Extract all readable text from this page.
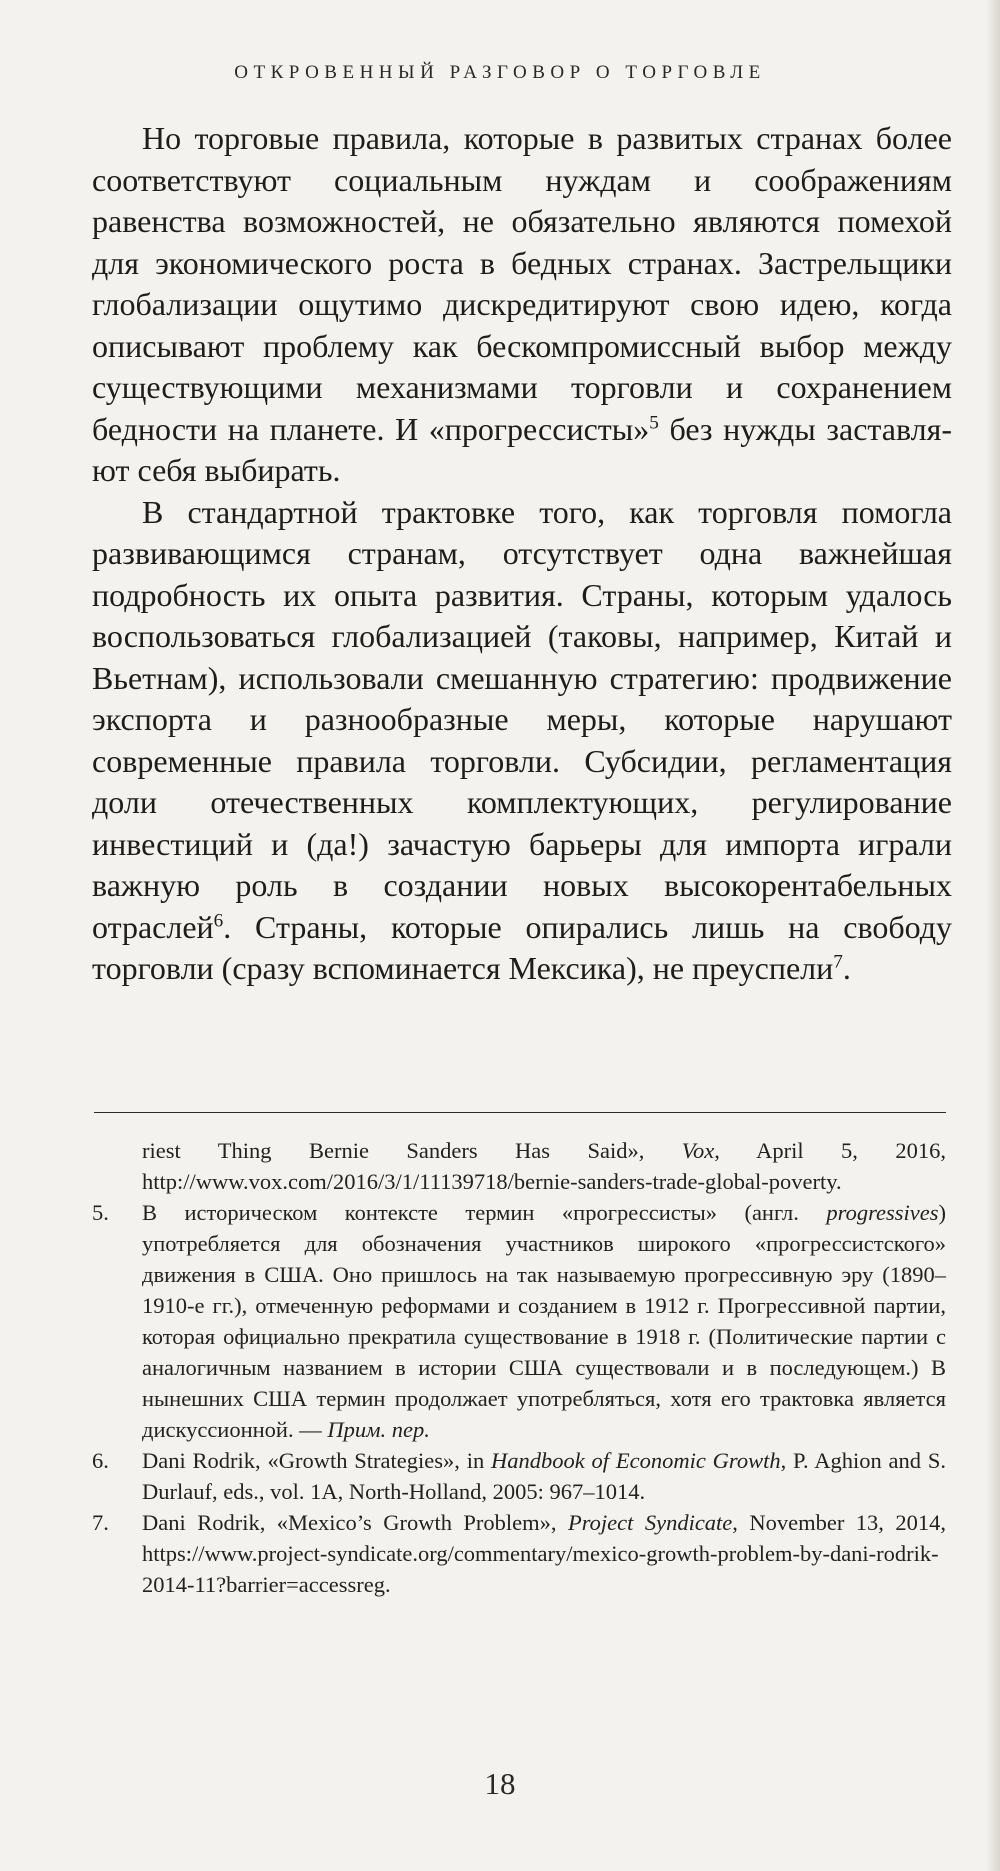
ОТКРОВЕННЫЙ РАЗГОВОР О ТОРГОВЛЕ

Но торговые правила, которые в развитых странах более соответствуют социальным нуждам и соображениям равенства возможностей, не обязательно являются помехой для экономического роста в бедных странах. Застрельщики глобализации ощутимо дискредитируют свою идею, когда описывают проблему как бескомпромиссный выбор между существующими механизмами торговли и сохранением бедности на планете. И «прогрессисты»$^5$ без нужды заставляют себя выбирать.

В стандартной трактовке того, как торговля помогла развивающимся странам, отсутствует одна важнейшая подробность их опыта развития. Страны, которым удалось воспользоваться глобализацией (таковы, например, Китай и Вьетнам), использовали смешанную стратегию: продвижение экспорта и разнообразные меры, которые нарушают современные правила торговли. Субсидии, регламентация доли отечественных комплектующих, регулирование инвестиций и (да!) зачастую барьеры для импорта играли важную роль в создании новых высокорентабельных отраслей$^6$. Страны, которые опирались лишь на свободу торговли (сразу вспоминается Мексика), не преуспели$^7$.

riest Thing Bernie Sanders Has Said», Vox, April 5, 2016, http://www.vox.com/2016/3/1/11139718/bernie-sanders-trade-global-poverty.

5. В историческом контексте термин «прогрессисты» (англ. progressives) употребляется для обозначения участников широкого «прогрессистского» движения в США. Оно пришлось на так называемую прогрессивную эру (1890–1910-е гг.), отмеченную реформами и созданием в 1912 г. Прогрессивной партии, которая официально прекратила существование в 1918 г. (Политические партии с аналогичным названием в истории США существовали и в последующем.) В нынешних США термин продолжает употребляться, хотя его трактовка является дискуссионной. — Прим. пер.

6. Dani Rodrik, «Growth Strategies», in Handbook of Economic Growth, P. Aghion and S. Durlauf, eds., vol. 1A, North-Holland, 2005: 967–1014.

7. Dani Rodrik, «Mexico’s Growth Problem», Project Syndicate, November 13, 2014, https://www.project-syndicate.org/commentary/mexico-growth-problem-by-dani-rodrik-2014-11?barrier=accessreg.

18
